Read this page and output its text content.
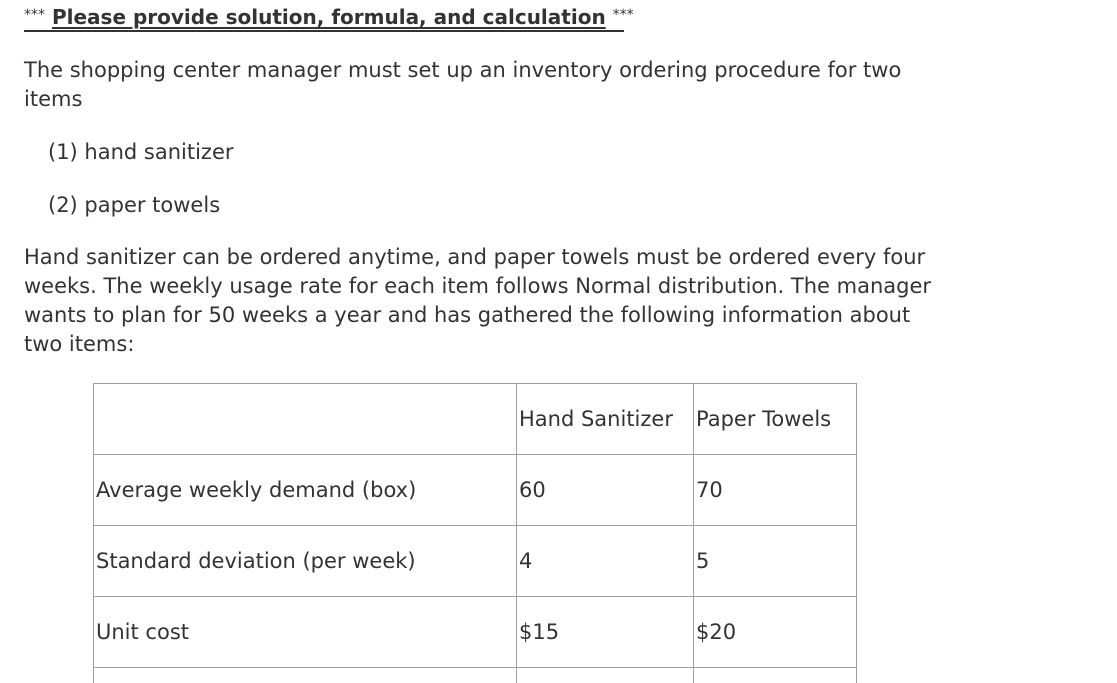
*** Please provide solution, formula, and calculation ***
The shopping center manager must set up an inventory ordering procedure for two items
(1) hand sanitizer
(2) paper towels
Hand sanitizer can be ordered anytime, and paper towels must be ordered every four weeks. The weekly usage rate for each item follows Normal distribution. The manager wants to plan for 50 weeks a year and has gathered the following information about two items:
	Hand Sanitizer	Paper Towels
Average weekly demand (box)	60	70
Standard deviation (per week)	4	5
Unit cost	$15	$20
